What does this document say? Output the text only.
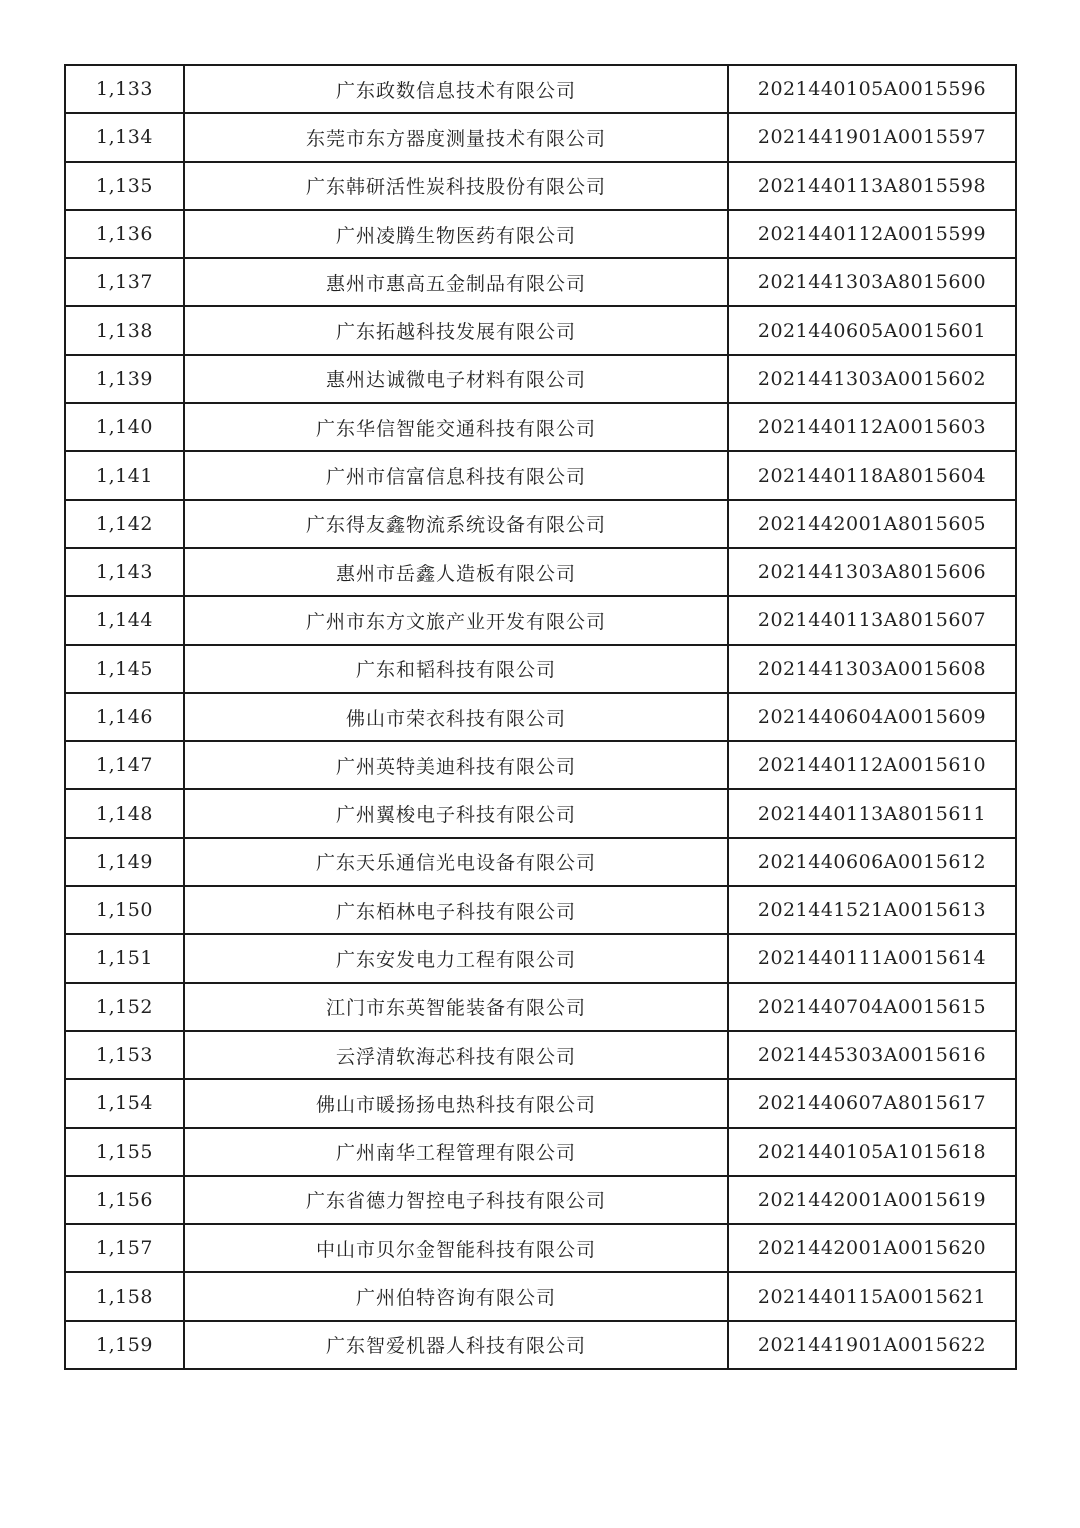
1,133	广东政数信息技术有限公司	2021440105A0015596
1,134	东莞市东方器度测量技术有限公司	2021441901A0015597
1,135	广东韩研活性炭科技股份有限公司	2021440113A8015598
1,136	广州凌腾生物医药有限公司	2021440112A0015599
1,137	惠州市惠高五金制品有限公司	2021441303A8015600
1,138	广东拓越科技发展有限公司	2021440605A0015601
1,139	惠州达诚微电子材料有限公司	2021441303A0015602
1,140	广东华信智能交通科技有限公司	2021440112A0015603
1,141	广州市信富信息科技有限公司	2021440118A8015604
1,142	广东得友鑫物流系统设备有限公司	2021442001A8015605
1,143	惠州市岳鑫人造板有限公司	2021441303A8015606
1,144	广州市东方文旅产业开发有限公司	2021440113A8015607
1,145	广东和韬科技有限公司	2021441303A0015608
1,146	佛山市荣衣科技有限公司	2021440604A0015609
1,147	广州英特美迪科技有限公司	2021440112A0015610
1,148	广州翼梭电子科技有限公司	2021440113A8015611
1,149	广东天乐通信光电设备有限公司	2021440606A0015612
1,150	广东栢林电子科技有限公司	2021441521A0015613
1,151	广东安发电力工程有限公司	2021440111A0015614
1,152	江门市东英智能装备有限公司	2021440704A0015615
1,153	云浮清软海芯科技有限公司	2021445303A0015616
1,154	佛山市暖扬扬电热科技有限公司	2021440607A8015617
1,155	广州南华工程管理有限公司	2021440105A1015618
1,156	广东省德力智控电子科技有限公司	2021442001A0015619
1,157	中山市贝尔金智能科技有限公司	2021442001A0015620
1,158	广州伯特咨询有限公司	2021440115A0015621
1,159	广东智爱机器人科技有限公司	2021441901A0015622
